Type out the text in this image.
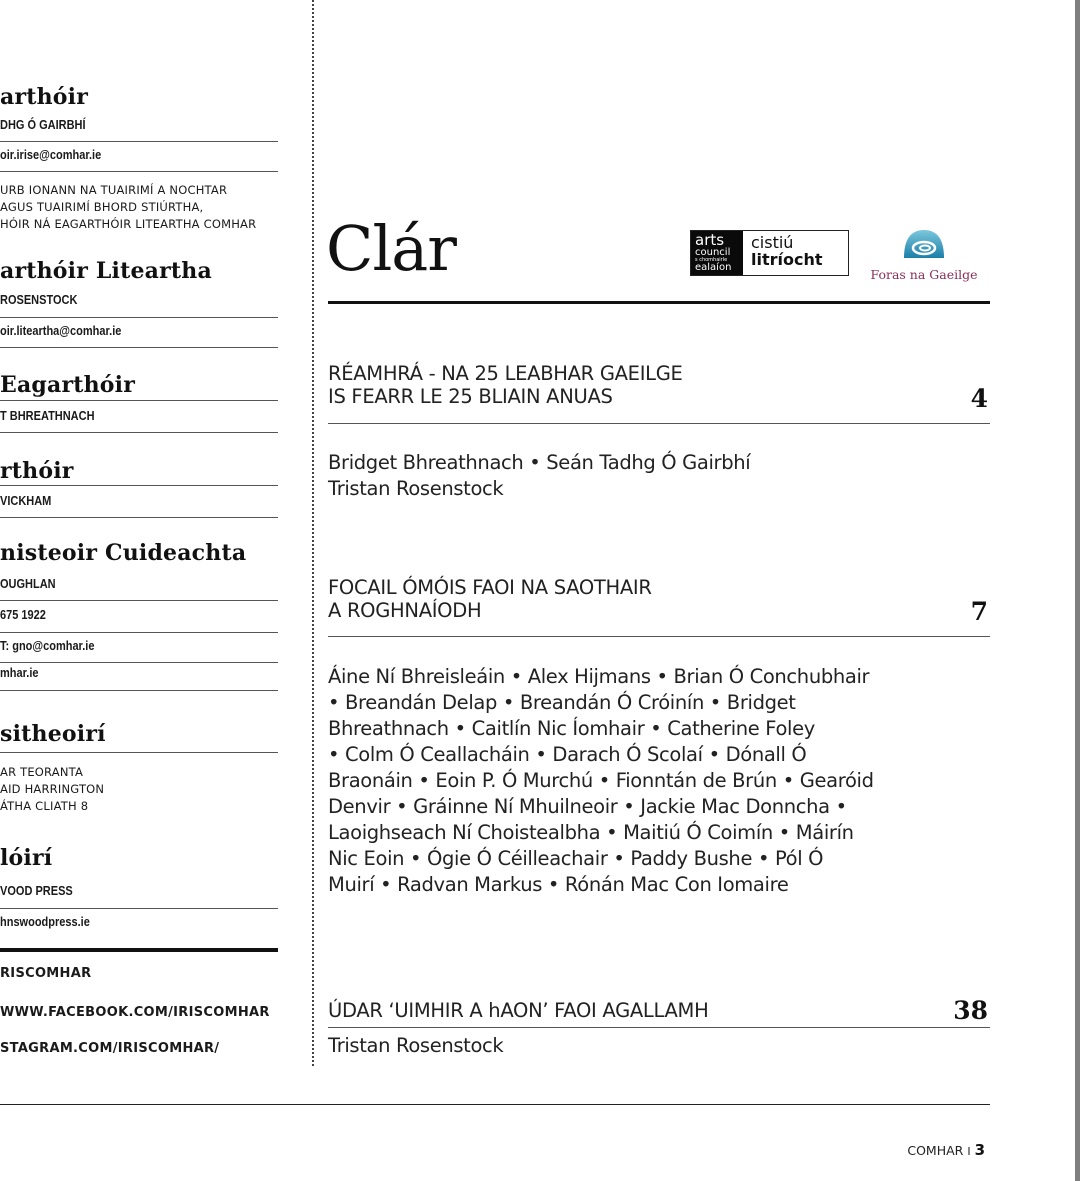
arthóir
DHG Ó GAIRBHÍ
oir.irise@comhar.ie
URB IONANN NA TUAIRIMÍ A NOCHTAR
AGUS TUAIRIMÍ BHORD STIÚRTHA,
HÓIR NÁ EAGARTHÓIR LITEARTHA COMHAR
arthóir Liteartha
ROSENSTOCK
oir.liteartha@comhar.ie
Eagarthóir
T BHREATHNACH
rthóir
VICKHAM
nisteoir Cuideachta
OUGHLAN
675 1922
T: gno@comhar.ie
mhar.ie
sitheoirí
AR TEORANTA
AID HARRINGTON
ÁTHA CLIATH 8
lóirí
VOOD PRESS
hnswoodpress.ie
RISCOMHAR
WWW.FACEBOOK.COM/IRISCOMHAR
STAGRAM.COM/IRISCOMHAR/
Clár	arts
council
s chomhairle
ealaíon
cistiú
litríocht
Foras na Gaeilge
RÉAMHRÁ - NA 25 LEABHAR GAEILGE
IS FEARR LE 25 BLIAIN ANUAS	4
Bridget Bhreathnach • Seán Tadhg Ó Gairbhí
Tristan Rosenstock
FOCAIL ÓMÓIS FAOI NA SAOTHAIR
A ROGHNAÍODH	7
Áine Ní Bhreisleáin • Alex Hijmans • Brian Ó Conchubhair
• Breandán Delap • Breandán Ó Cróinín • Bridget
Bhreathnach • Caitlín Nic Íomhair • Catherine Foley
• Colm Ó Ceallacháin • Darach Ó Scolaí • Dónall Ó
Braonáin • Eoin P. Ó Murchú • Fionntán de Brún • Gearóid
Denvir • Gráinne Ní Mhuilneoir • Jackie Mac Donncha •
Laoighseach Ní Choistealbha • Maitiú Ó Coimín • Máirín
Nic Eoin • Ógie Ó Céilleachair • Paddy Bushe • Pól Ó
Muirí • Radvan Markus • Rónán Mac Con Iomaire
ÚDAR ‘UIMHIR A hAON’ FAOI AGALLAMH	38
Tristan Rosenstock
COMHAR I 3
